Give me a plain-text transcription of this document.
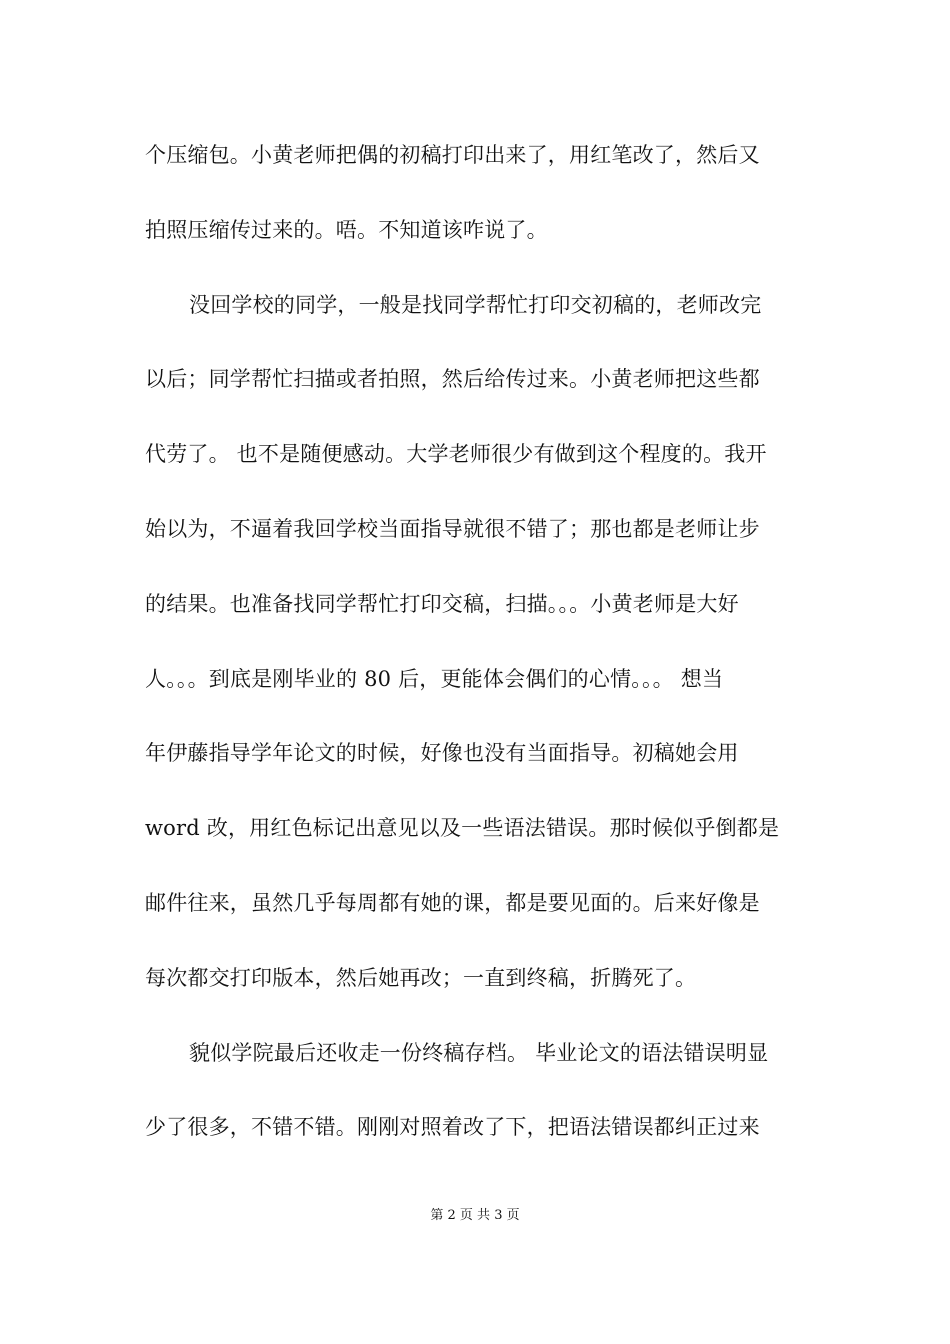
个压缩包。小黄老师把偶的初稿打印出来了，用红笔改了，然后又
拍照压缩传过来的。唔。不知道该咋说了。
没回学校的同学，一般是找同学帮忙打印交初稿的，老师改完
以后；同学帮忙扫描或者拍照，然后给传过来。小黄老师把这些都
代劳了。 也不是随便感动。大学老师很少有做到这个程度的。我开
始以为，不逼着我回学校当面指导就很不错了；那也都是老师让步
的结果。也准备找同学帮忙打印交稿，扫描。。。小黄老师是大好
人。。。到底是刚毕业的 80 后，更能体会偶们的心情。。。 想当
年伊藤指导学年论文的时候，好像也没有当面指导。初稿她会用
word 改，用红色标记出意见以及一些语法错误。那时候似乎倒都是
邮件往来，虽然几乎每周都有她的课，都是要见面的。后来好像是
每次都交打印版本，然后她再改；一直到终稿，折腾死了。
貌似学院最后还收走一份终稿存档。 毕业论文的语法错误明显
少了很多，不错不错。刚刚对照着改了下，把语法错误都纠正过来
第 2 页 共 3 页
